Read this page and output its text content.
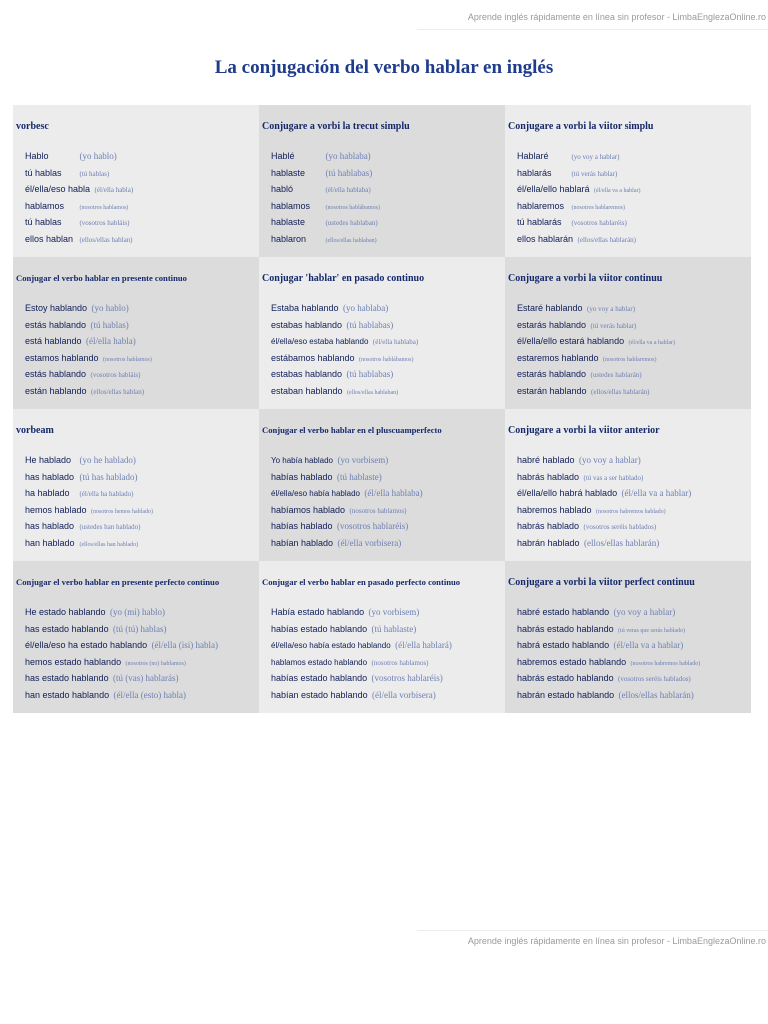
Aprende inglés rápidamente en línea sin profesor - LimbaEnglezaOnline.ro
La conjugación del verbo hablar en inglés
vorbesc
Hablo	(yo hablo)
tú hablas	(tú hablas)
él/ella/eso habla (él/ella habla)
hablamos	(nosotros hablamos)
tú hablas	(vosotros habláis)
ellos hablan (ellos/ellas hablan)
Conjugare a vorbi la trecut simplu
Hablé	(yo hablaba)
hablaste (tú hablabas)
habló	(él/ella hablaba)
hablamos	(nosotros hablábamos)
hablaste	(ustedes hablaban)
hablaron	(ellos/ellas hablaban)
Conjugare a vorbi la viitor simplu
Hablaré	(yo voy a hablar)
hablarás	(tú verás hablar)
él/ella/ello hablará (él/ella va a hablar)
hablaremos (nosotros hablaremos)
tú hablarás (vosotros hablaréis)
ellos hablarán (ellos/ellas hablarán)
Conjugar el verbo hablar en presente continuo
Estoy hablando (yo hablo)
estás hablando (tú hablas)
está hablando (él/ella habla)
estamos hablando (nosotros hablamos)
estás hablando (vosotros habláis)
están hablando (ellos/ellas hablan)
Conjugar 'hablar' en pasado continuo
Estaba hablando (yo hablaba)
estabas hablando (tú hablabas)
él/ella/eso estaba hablando (él/ella hablaba)
estábamos hablando (nosotros hablábamos)
estabas hablando (tú hablabas)
estaban hablando (ellos/ellas hablaban)
Conjugare a vorbi la viitor continuu
Estaré hablando (yo voy a hablar)
estarás hablando (tú verás hablar)
él/ella/ello estará hablando (él/ella va a hablar)
estaremos hablando (nosotros hablaremos)
estarás hablando (ustedes hablarán)
estarán hablando (ellos/ellas hablarán)
vorbeam
He hablado (yo he hablado)
has hablado (tú has hablado)
ha hablado (él/ella ha hablado)
hemos hablado (nosotros hemos hablado)
has hablado (ustedes han hablado)
han hablado (ellos/ellas han hablado)
Conjugar el verbo hablar en el pluscuamperfecto
Yo había hablado (yo vorbisem)
habías hablado (tú hablaste)
él/ella/eso había hablado (él/ella hablaba)
habíamos hablado (nosotros hablamos)
habías hablado (vosotros hablaréis)
habían hablado (él/ella vorbisera)
Conjugare a vorbi la viitor anterior
habré hablado (yo voy a hablar)
habrás hablado (tú vas a ser hablado)
él/ella/ello habrá hablado (él/ella va a hablar)
habremos hablado (nosotros habremos hablado)
habrás hablado (vosotros seréis hablados)
habrán hablado (ellos/ellas hablarán)
Conjugar el verbo hablar en presente perfecto continuo
He estado hablando (yo (mi) hablo)
has estado hablando (tú (tú) hablas)
él/ella/eso ha estado hablando (él/ella (isi) habla)
hemos estado hablando (nosotros (no) hablamos)
has estado hablando (tú (vas) hablarás)
han estado hablando (él/ella (esto) habla)
Conjugar el verbo hablar en pasado perfecto continuo
Había estado hablando (yo vorbisem)
habías estado hablando (tú hablaste)
él/ella/eso había estado hablando (él/ella hablará)
hablamos estado hablando (nosotros hablamos)
habías estado hablando (vosotros hablaréis)
habían estado hablando (él/ella vorbisera)
Conjugare a vorbi la viitor perfect continuu
habré estado hablando (yo voy a hablar)
habrás estado hablando (tú veras que serás hablado)
habrá estado hablando (él/ella va a hablar)
habremos estado hablando (nosotros habremos hablado)
habrás estado hablando (vosotros seréis hablados)
habrán estado hablando (ellos/ellas hablarán)
Aprende inglés rápidamente en línea sin profesor - LimbaEnglezaOnline.ro
